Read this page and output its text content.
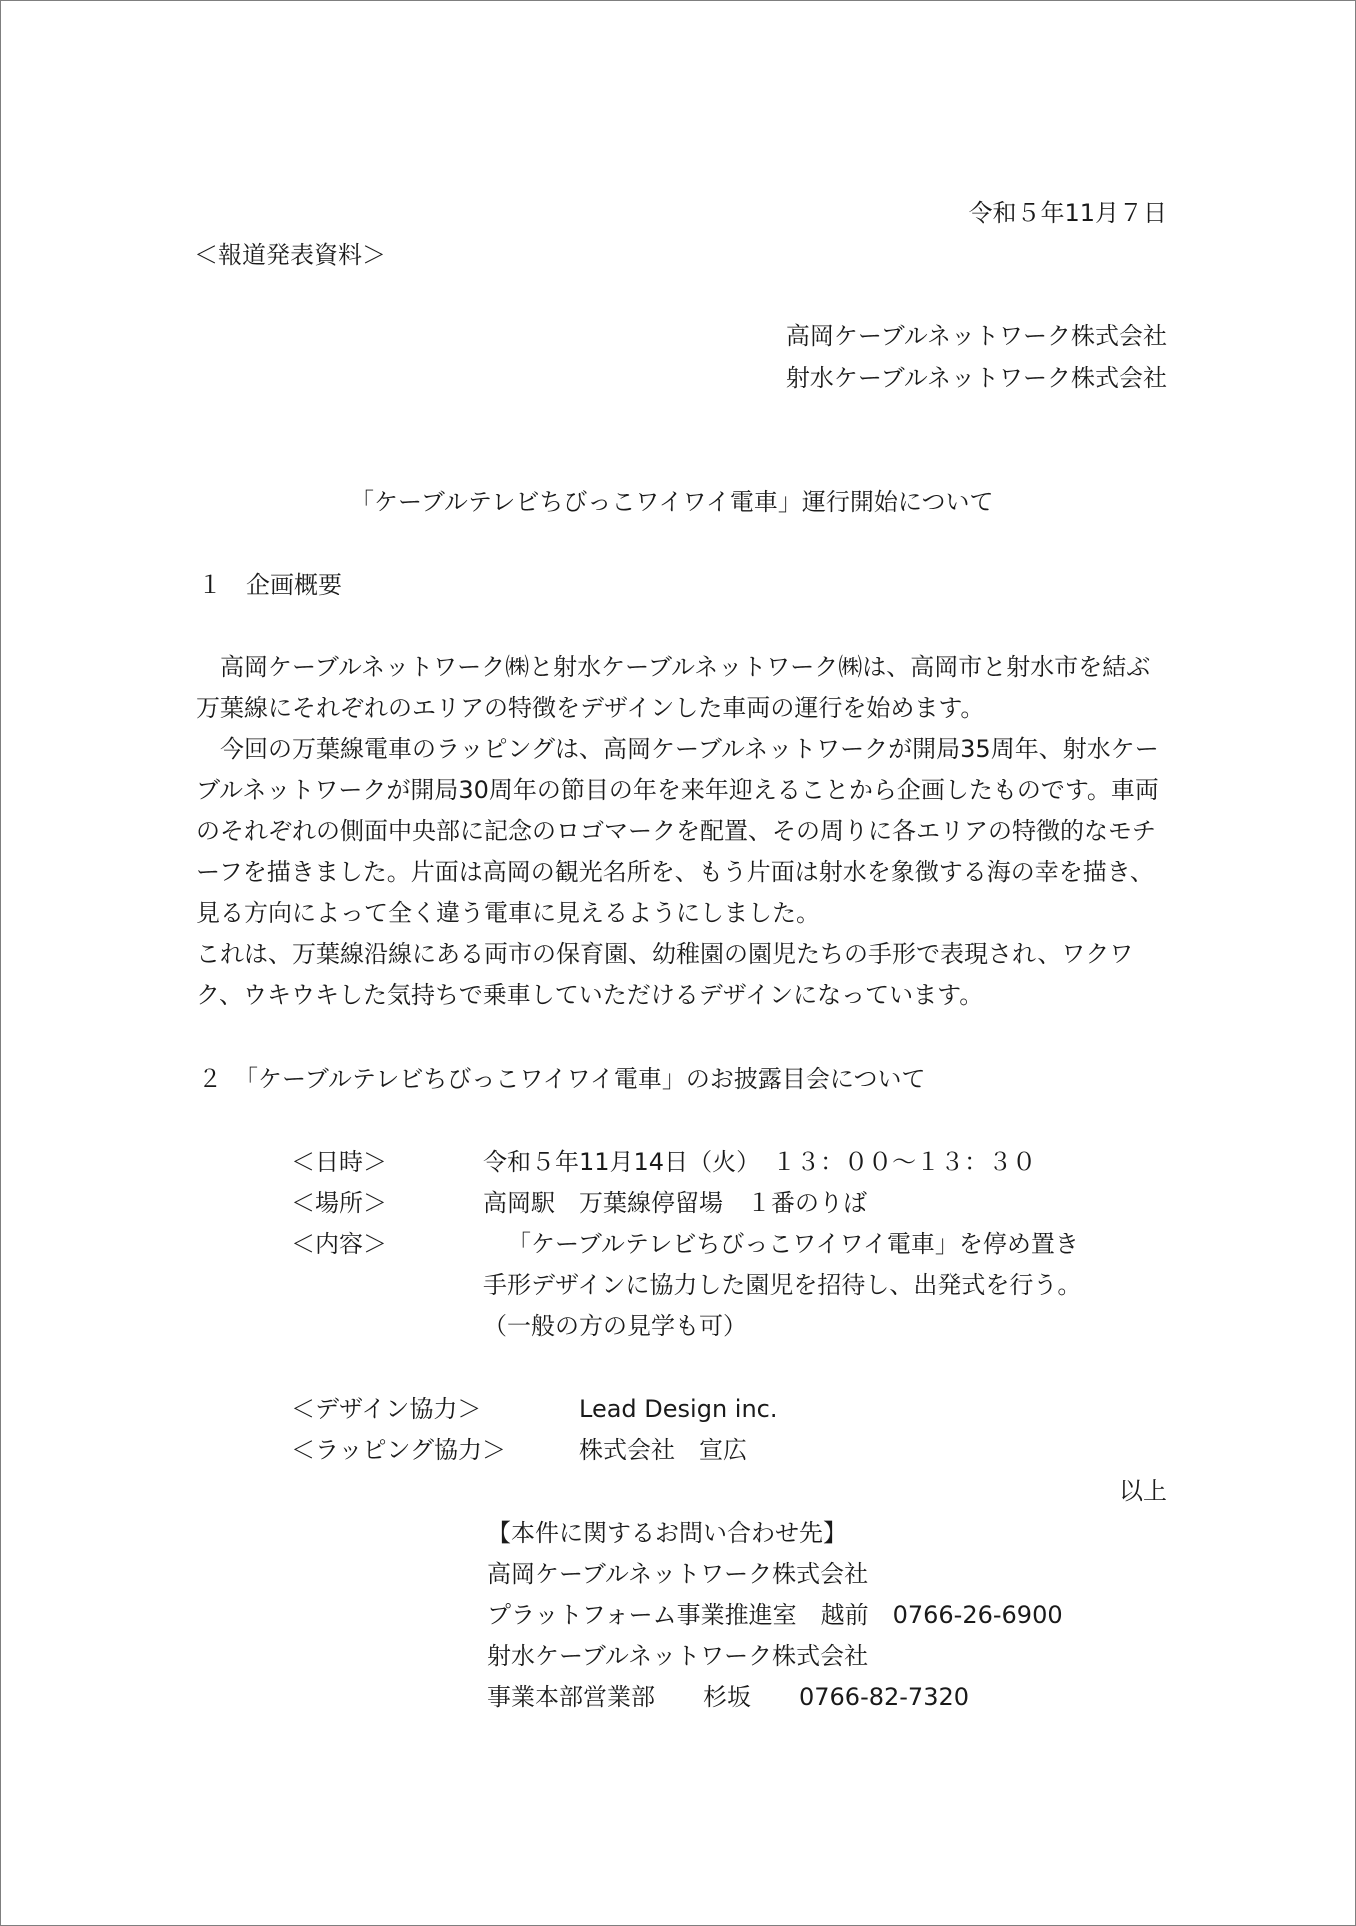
令和５年11月７日
＜報道発表資料＞
高岡ケーブルネットワーク株式会社
射水ケーブルネットワーク株式会社
「ケーブルテレビちびっこワイワイ電車」運行開始について
１　企画概要

高岡ケーブルネットワーク㈱と射水ケーブルネットワーク㈱は、高岡市と射水市を結ぶ万葉線にそれぞれのエリアの特徴をデザインした車両の運行を始めます。

今回の万葉線電車のラッピングは、高岡ケーブルネットワークが開局35周年、射水ケーブルネットワークが開局30周年の節目の年を来年迎えることから企画したものです。車両のそれぞれの側面中央部に記念のロゴマークを配置、その周りに各エリアの特徴的なモチーフを描きました。片面は高岡の観光名所を、もう片面は射水を象徴する海の幸を描き、見る方向によって全く違う電車に見えるようにしました。

これは、万葉線沿線にある両市の保育園、幼稚園の園児たちの手形で表現され、ワクワク、ウキウキした気持ちで乗車していただけるデザインになっています。

２　「ケーブルテレビちびっこワイワイ電車」のお披露目会について
＜日時＞	令和５年11月14日（火）　１３：００～１３：３０
＜場所＞	高岡駅　万葉線停留場　１番のりば
＜内容＞	「ケーブルテレビちびっこワイワイ電車」を停め置き
手形デザインに協力した園児を招待し、出発式を行う。
（一般の方の見学も可）
＜デザイン協力＞	Lead Design inc.
＜ラッピング協力＞	株式会社　宣広
以上
【本件に関するお問い合わせ先】
高岡ケーブルネットワーク株式会社
プラットフォーム事業推進室　越前　0766-26-6900
射水ケーブルネットワーク株式会社
事業本部営業部　　杉坂　　0766-82-7320
